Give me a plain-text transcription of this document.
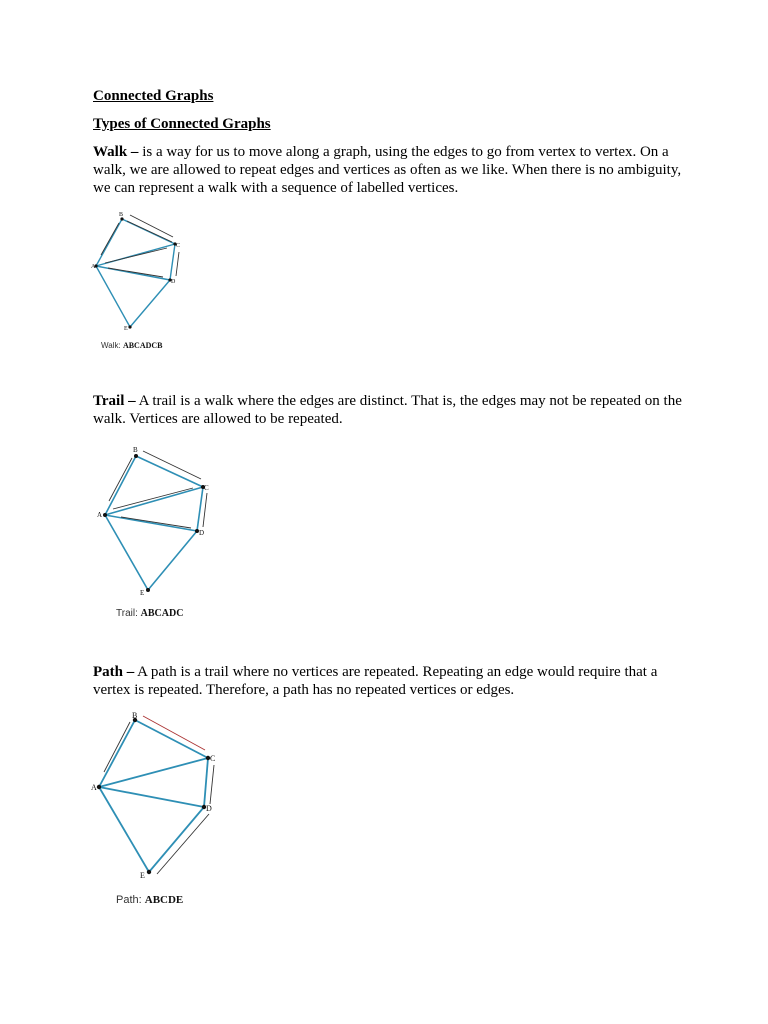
Connected Graphs
Types of Connected Graphs
Walk – is a way for us to move along a graph, using the edges to go from vertex to vertex. On a walk, we are allowed to repeat edges and vertices as often as we like. When there is no ambiguity, we can represent a walk with a sequence of labelled vertices.
A
B
C
D
E
Walk: ABCADCB
Trail – A trail is a walk where the edges are distinct. That is, the edges may not be repeated on the walk. Vertices are allowed to be repeated.
A
B
C
D
E
Trail: ABCADC
Path – A path is a trail where no vertices are repeated. Repeating an edge would require that a vertex is repeated. Therefore, a path has no repeated vertices or edges.
A
B
C
D
E
Path: ABCDE
